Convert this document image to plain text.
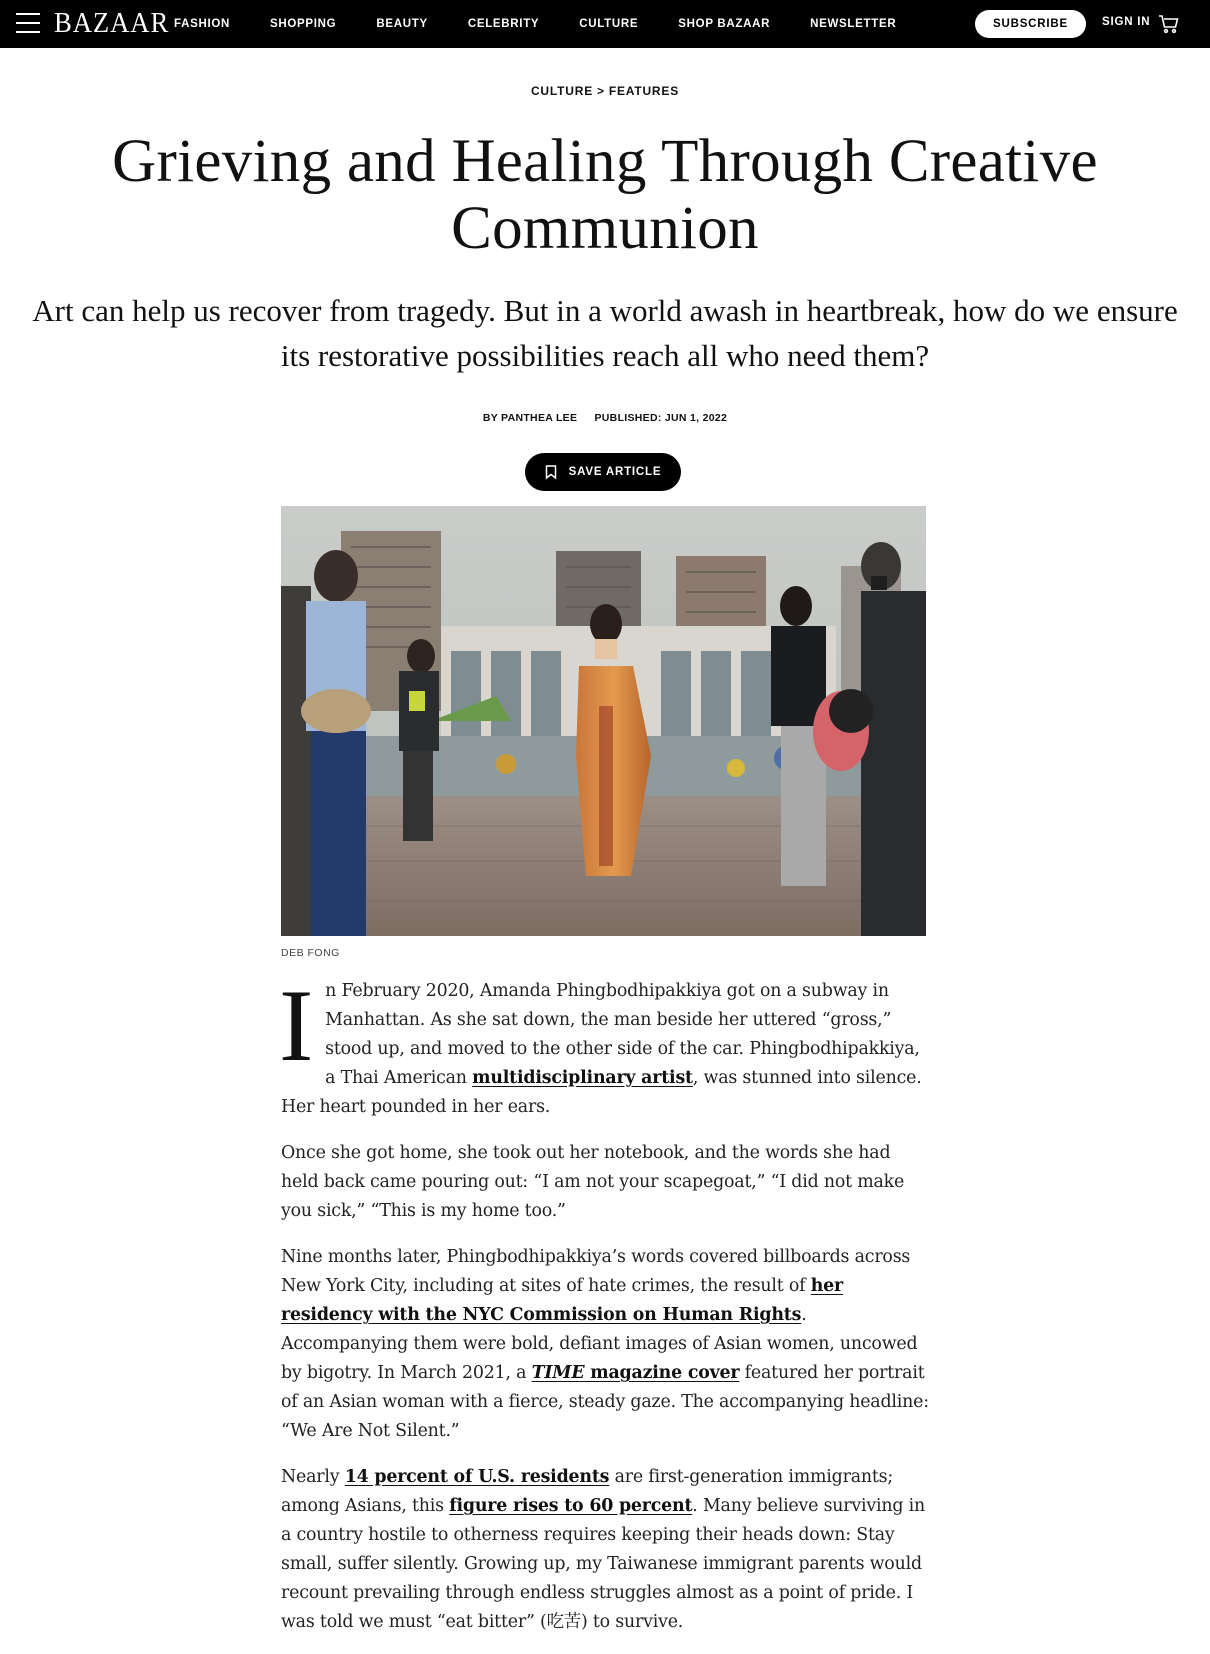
BAZAAR FASHION	SHOPPING	BEAUTY	CELEBRITY	CULTURE	SHOP BAZAAR	NEWSLETTER	SUBSCRIBE	SIGN IN
CULTURE > FEATURES
Grieving and Healing Through Creative
Communion

Art can help us recover from tragedy. But in a world awash in heartbreak, how do we ensure its restorative possibilities reach all who need them?

BY PANTHEA LEE PUBLISHED: JUN 1, 2022
SAVE ARTICLE
DEB FONG

In February 2020, Amanda Phingbodhipakkiya got on a subway in Manhattan. As she sat down, the man beside her uttered “gross,” stood up, and moved to the other side of the car. Phingbodhipakkiya, a Thai American multidisciplinary artist, was stunned into silence. Her heart pounded in her ears.

Once she got home, she took out her notebook, and the words she had held back came pouring out: “I am not your scapegoat,” “I did not make you sick,” “This is my home too.”

Nine months later, Phingbodhipakkiya’s words covered billboards across New York City, including at sites of hate crimes, the result of her residency with the NYC Commission on Human Rights. Accompanying them were bold, defiant images of Asian women, uncowed by bigotry. In March 2021, a TIME magazine cover featured her portrait of an Asian woman with a fierce, steady gaze. The accompanying headline: “We Are Not Silent.”

Nearly 14 percent of U.S. residents are first-generation immigrants; among Asians, this figure rises to 60 percent. Many believe surviving in a country hostile to otherness requires keeping their heads down: Stay small, suffer silently. Growing up, my Taiwanese immigrant parents would recount prevailing through endless struggles almost as a point of pride. I was told we must “eat bitter” (吃苦) to survive.
